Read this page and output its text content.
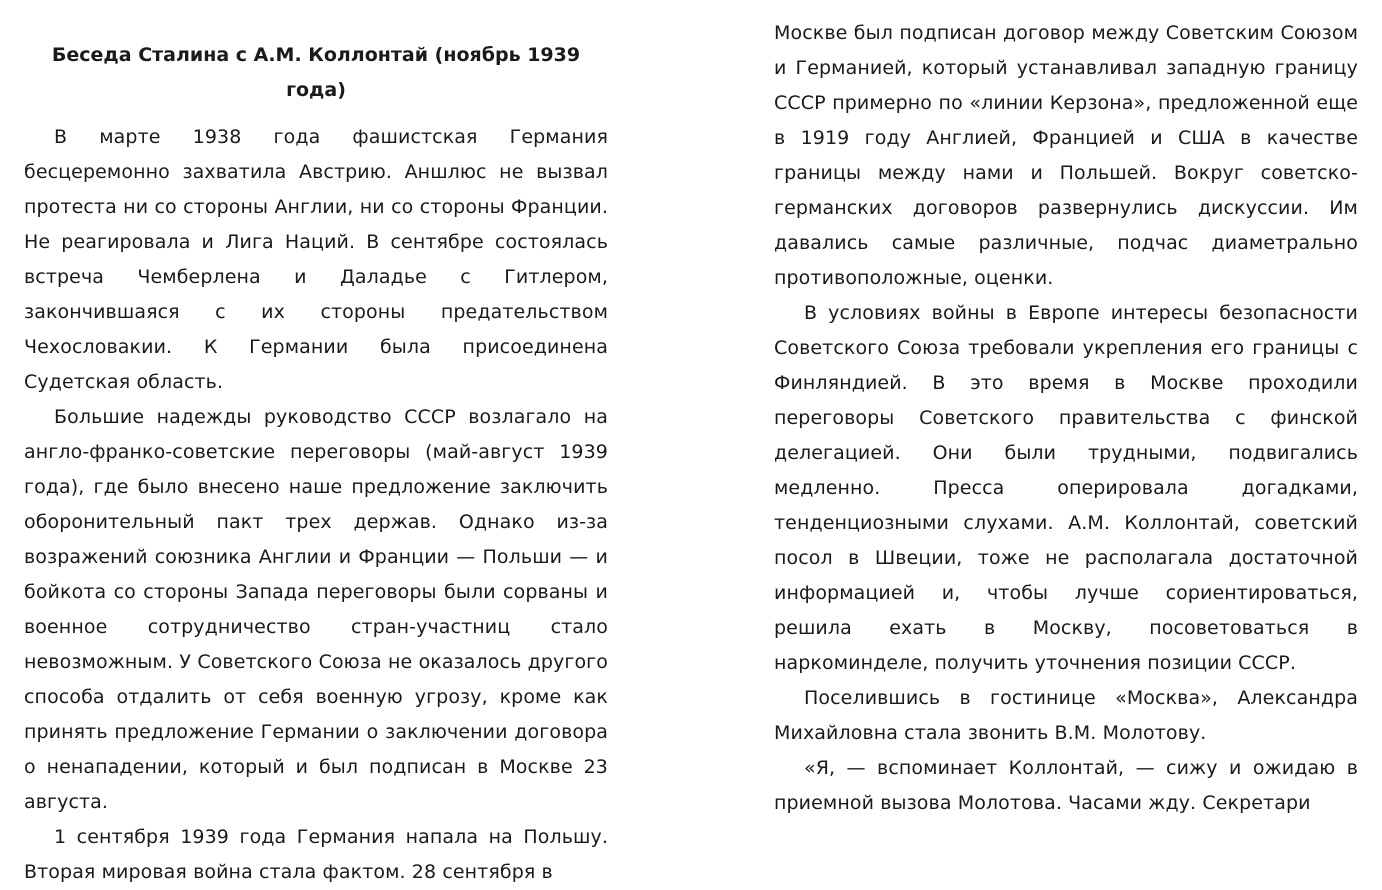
Беседа Сталина с А.М. Коллонтай (ноябрь 1939 года)

В марте 1938 года фашистская Германия бесцеремонно захватила Австрию. Аншлюс не вызвал протеста ни со стороны Англии, ни со стороны Франции. Не реагировала и Лига Наций. В сентябре состоялась встреча Чемберлена и Даладье с Гитлером, закончившаяся с их стороны предательством Чехословакии. К Германии была присоединена Судетская область.

Большие надежды руководство СССР возлагало на англо-франко-советские переговоры (май-август 1939 года), где было внесено наше предложение заключить оборонительный пакт трех держав. Однако из-за возражений союзника Англии и Франции — Польши — и бойкота со стороны Запада переговоры были сорваны и военное сотрудничество стран-участниц стало невозможным. У Советского Союза не оказалось другого способа отдалить от себя военную угрозу, кроме как принять предложение Германии о заключении договора о ненападении, который и был подписан в Москве 23 августа.

1 сентября 1939 года Германия напала на Польшу. Вторая мировая война стала фактом. 28 сентября в

Москве был подписан договор между Советским Союзом и Германией, который устанавливал западную границу СССР примерно по «линии Керзона», предложенной еще в 1919 году Англией, Францией и США в качестве границы между нами и Польшей. Вокруг советско-германских договоров развернулись дискуссии. Им давались самые различные, подчас диаметрально противоположные, оценки.

В условиях войны в Европе интересы безопасности Советского Союза требовали укрепления его границы с Финляндией. В это время в Москве проходили переговоры Советского правительства с финской делегацией. Они были трудными, подвигались медленно. Пресса оперировала догадками, тенденциозными слухами. А.М. Коллонтай, советский посол в Швеции, тоже не располагала достаточной информацией и, чтобы лучше сориентироваться, решила ехать в Москву, посоветоваться в наркоминделе, получить уточнения позиции СССР.

Поселившись в гостинице «Москва», Александра Михайловна стала звонить В.М. Молотову.

«Я, — вспоминает Коллонтай, — сижу и ожидаю в приемной вызова Молотова. Часами жду. Секретари
